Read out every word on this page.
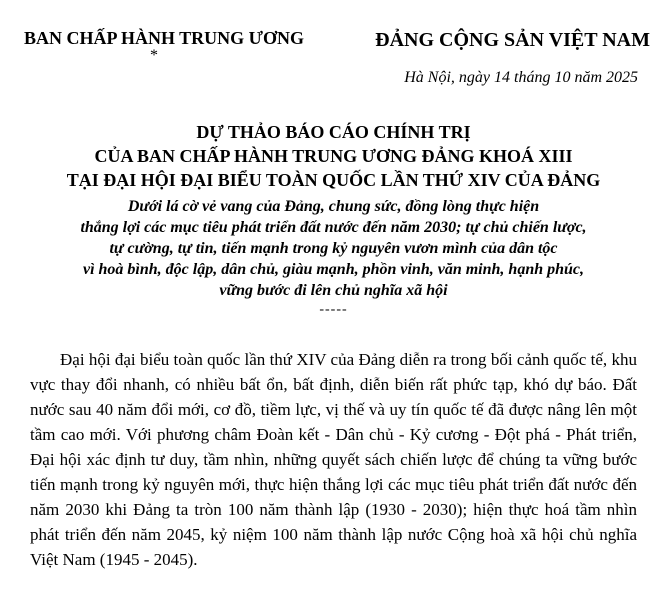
BAN CHẤP HÀNH TRUNG ƯƠNG
*
ĐẢNG CỘNG SẢN VIỆT NAM
Hà Nội, ngày 14 tháng 10 năm 2025
DỰ THẢO BÁO CÁO CHÍNH TRỊ
CỦA BAN CHẤP HÀNH TRUNG ƯƠNG ĐẢNG KHOÁ XIII
TẠI ĐẠI HỘI ĐẠI BIỂU TOÀN QUỐC LẦN THỨ XIV CỦA ĐẢNG
Dưới lá cờ vẻ vang của Đảng, chung sức, đồng lòng thực hiện
thắng lợi các mục tiêu phát triển đất nước đến năm 2030; tự chủ chiến lược,
tự cường, tự tin, tiến mạnh trong kỷ nguyên vươn mình của dân tộc
vì hoà bình, độc lập, dân chủ, giàu mạnh, phồn vinh, văn minh, hạnh phúc,
vững bước đi lên chủ nghĩa xã hội
-----

Đại hội đại biểu toàn quốc lần thứ XIV của Đảng diễn ra trong bối cảnh quốc tế, khu vực thay đổi nhanh, có nhiều bất ổn, bất định, diễn biến rất phức tạp, khó dự báo. Đất nước sau 40 năm đổi mới, cơ đồ, tiềm lực, vị thế và uy tín quốc tế đã được nâng lên một tầm cao mới. Với phương châm Đoàn kết - Dân chủ - Kỷ cương - Đột phá - Phát triển, Đại hội xác định tư duy, tầm nhìn, những quyết sách chiến lược để chúng ta vững bước tiến mạnh trong kỷ nguyên mới, thực hiện thắng lợi các mục tiêu phát triển đất nước đến năm 2030 khi Đảng ta tròn 100 năm thành lập (1930 - 2030); hiện thực hoá tầm nhìn phát triển đến năm 2045, kỷ niệm 100 năm thành lập nước Cộng hoà xã hội chủ nghĩa Việt Nam (1945 - 2045).
